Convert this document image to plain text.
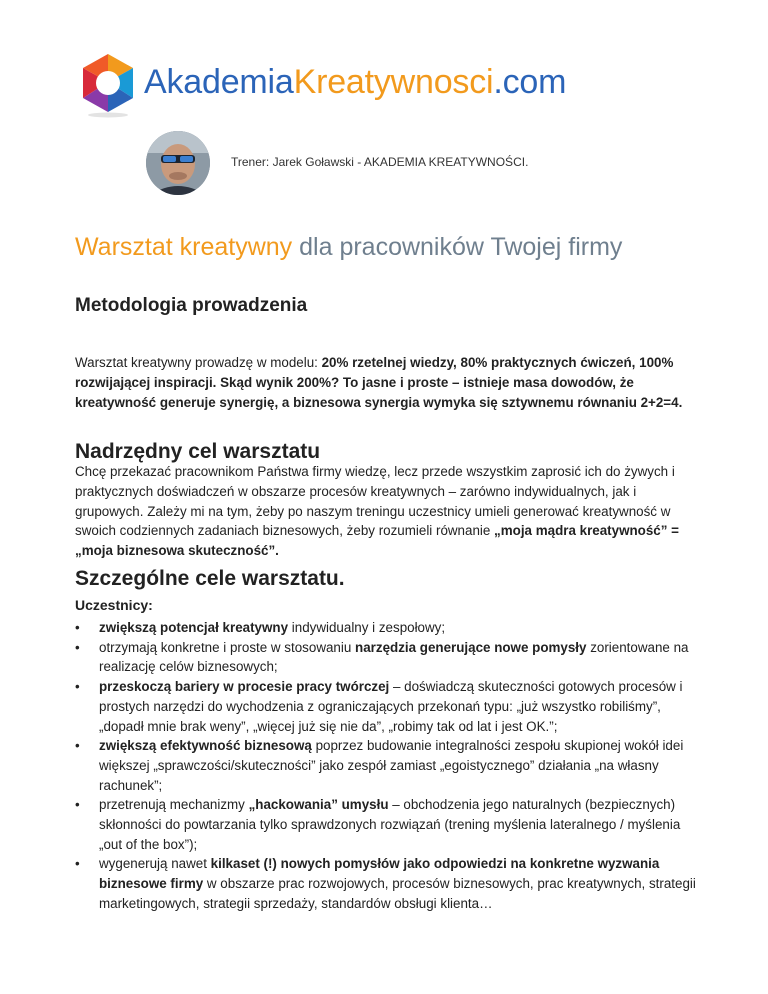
AkademiaKreatywnosci.com
Trener: Jarek Goławski - AKADEMIA KREATYWNOŚCI.
Warsztat kreatywny dla pracowników Twojej firmy
Metodologia prowadzenia
Warsztat kreatywny prowadzę w modelu: 20% rzetelnej wiedzy, 80% praktycznych ćwiczeń, 100% rozwijającej inspiracji. Skąd wynik 200%? To jasne i proste – istnieje masa dowodów, że kreatywność generuje synergię, a biznesowa synergia wymyka się sztywnemu równaniu 2+2=4.
Nadrzędny cel warsztatu
Chcę przekazać pracownikom Państwa firmy wiedzę, lecz przede wszystkim zaprosić ich do żywych i praktycznych doświadczeń w obszarze procesów kreatywnych – zarówno indywidualnych, jak i grupowych. Zależy mi na tym, żeby po naszym treningu uczestnicy umieli generować kreatywność w swoich codziennych zadaniach biznesowych, żeby rozumieli równanie „moja mądra kreatywność” = „moja biznesowa skuteczność”.
Szczególne cele warsztatu.
Uczestnicy:
• zwiększą potencjał kreatywny indywidualny i zespołowy;
• otrzymają konkretne i proste w stosowaniu narzędzia generujące nowe pomysły zorientowane na realizację celów biznesowych;
• przeskoczą bariery w procesie pracy twórczej – doświadczą skuteczności gotowych procesów i prostych narzędzi do wychodzenia z ograniczających przekonań typu: „już wszystko robiliśmy”, „dopadł mnie brak weny”, „więcej już się nie da”, „robimy tak od lat i jest OK.”;
• zwiększą efektywność biznesową poprzez budowanie integralności zespołu skupionej wokół idei większej „sprawczości/skuteczności” jako zespół zamiast „egoistycznego” działania „na własny rachunek”;
• przetrenują mechanizmy „hackowania” umysłu – obchodzenia jego naturalnych (bezpiecznych) skłonności do powtarzania tylko sprawdzonych rozwiązań (trening myślenia lateralnego / myślenia „out of the box”);
• wygenerują nawet kilkaset (!) nowych pomysłów jako odpowiedzi na konkretne wyzwania biznesowe firmy w obszarze prac rozwojowych, procesów biznesowych, prac kreatywnych, strategii marketingowych, strategii sprzedaży, standardów obsługi klienta…
